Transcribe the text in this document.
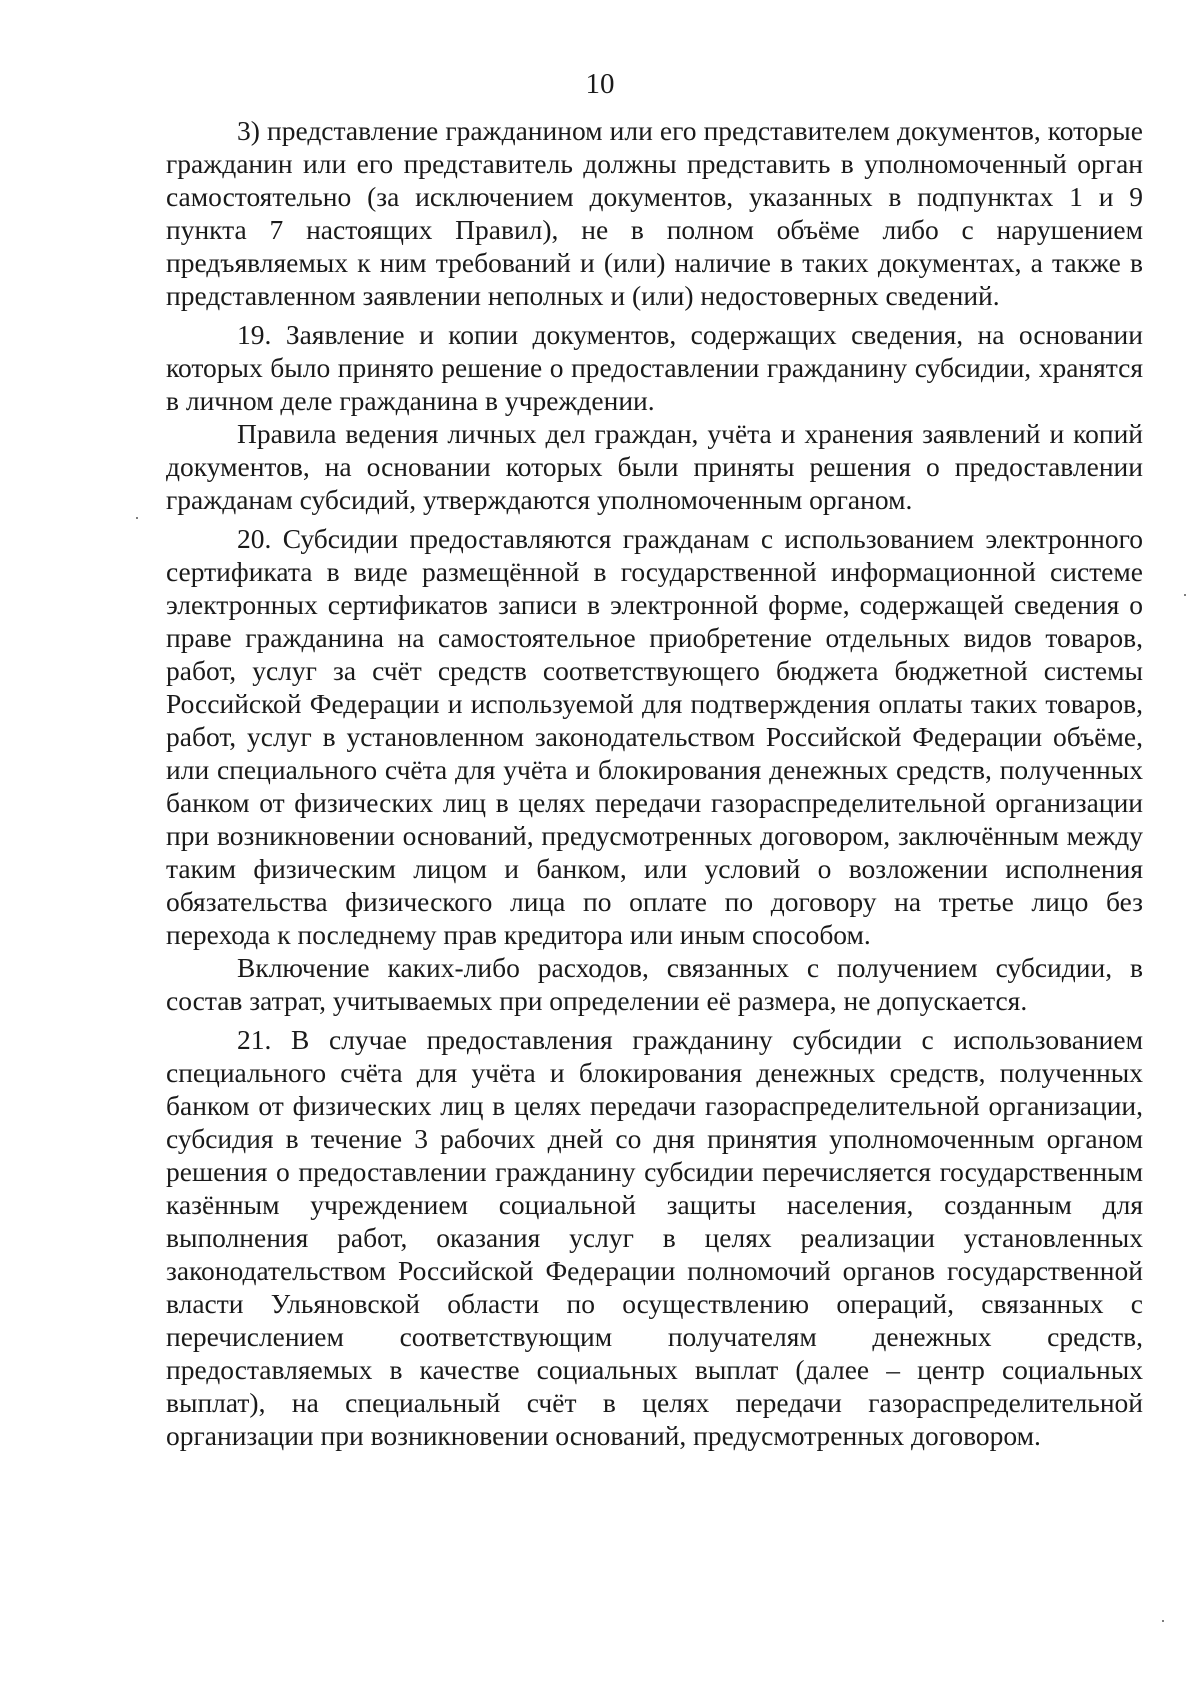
10

3) представление гражданином или его представителем документов, которые гражданин или его представитель должны представить в уполномоченный орган самостоятельно (за исключением документов, указанных в подпунктах 1 и 9 пункта 7 настоящих Правил), не в полном объёме либо с нарушением предъявляемых к ним требований и (или) наличие в таких документах, а также в представленном заявлении неполных и (или) недостоверных сведений.

19. Заявление и копии документов, содержащих сведения, на основании которых было принято решение о предоставлении гражданину субсидии, хранятся в личном деле гражданина в учреждении.

Правила ведения личных дел граждан, учёта и хранения заявлений и копий документов, на основании которых были приняты решения о предоставлении гражданам субсидий, утверждаются уполномоченным органом.

20. Субсидии предоставляются гражданам с использованием электронного сертификата в виде размещённой в государственной информационной системе электронных сертификатов записи в электронной форме, содержащей сведения о праве гражданина на самостоятельное приобретение отдельных видов товаров, работ, услуг за счёт средств соответствующего бюджета бюджетной системы Российской Федерации и используемой для подтверждения оплаты таких товаров, работ, услуг в установленном законодательством Российской Федерации объёме, или специального счёта для учёта и блокирования денежных средств, полученных банком от физических лиц в целях передачи газораспределительной организации при возникновении оснований, предусмотренных договором, заключённым между таким физическим лицом и банком, или условий о возложении исполнения обязательства физического лица по оплате по договору на третье лицо без перехода к последнему прав кредитора или иным способом.

Включение каких-либо расходов, связанных с получением субсидии, в состав затрат, учитываемых при определении её размера, не допускается.

21. В случае предоставления гражданину субсидии с использованием специального счёта для учёта и блокирования денежных средств, полученных банком от физических лиц в целях передачи газораспределительной организации, субсидия в течение 3 рабочих дней со дня принятия уполномоченным органом решения о предоставлении гражданину субсидии перечисляется государственным казённым учреждением социальной защиты населения, созданным для выполнения работ, оказания услуг в целях реализации установленных законодательством Российской Федерации полномочий органов государственной власти Ульяновской области по осуществлению операций, связанных с перечислением соответствующим получателям денежных средств, предоставляемых в качестве социальных выплат (далее – центр социальных выплат), на специальный счёт в целях передачи газораспределительной организации при возникновении оснований, предусмотренных договором.
